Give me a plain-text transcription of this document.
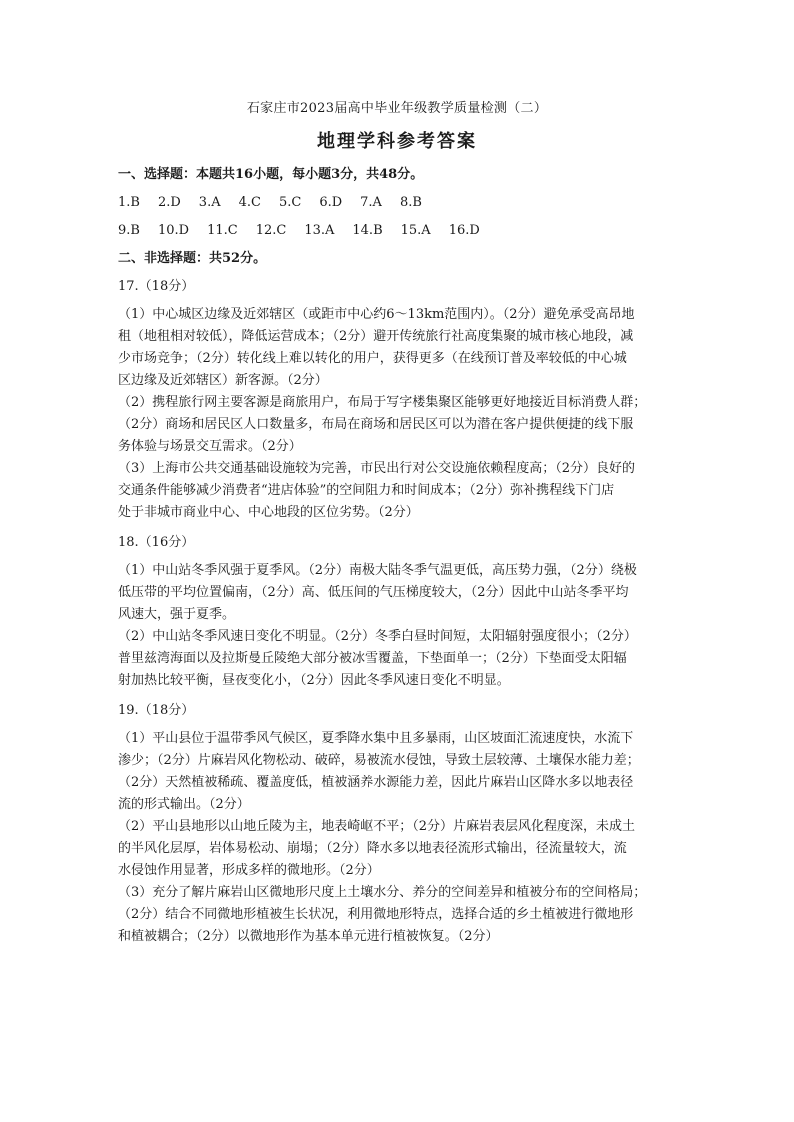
石家庄市2023届高中毕业年级教学质量检测（二）
地理学科参考答案
一、选择题：本题共16小题，每小题3分，共48分。
1.B 2.D 3.A 4.C 5.C 6.D 7.A 8.B
9.B 10.D 11.C 12.C 13.A 14.B 15.A 16.D
二、非选择题：共52分。
17.（18分）
（1）中心城区边缘及近郊辖区（或距市中心约6～13km范围内）。（2分）避免承受高昂地
租（地租相对较低），降低运营成本；（2分）避开传统旅行社高度集聚的城市核心地段，减
少市场竞争；（2分）转化线上难以转化的用户，获得更多（在线预订普及率较低的中心城
区边缘及近郊辖区）新客源。（2分）
（2）携程旅行网主要客源是商旅用户，布局于写字楼集聚区能够更好地接近目标消费人群；
（2分）商场和居民区人口数量多，布局在商场和居民区可以为潜在客户提供便捷的线下服
务体验与场景交互需求。（2分）
（3）上海市公共交通基础设施较为完善，市民出行对公交设施依赖程度高；（2分）良好的
交通条件能够减少消费者“进店体验”的空间阻力和时间成本；（2分）弥补携程线下门店
处于非城市商业中心、中心地段的区位劣势。（2分）
18.（16分）
（1）中山站冬季风强于夏季风。（2分）南极大陆冬季气温更低，高压势力强，（2分）绕极
低压带的平均位置偏南，（2分）高、低压间的气压梯度较大，（2分）因此中山站冬季平均
风速大，强于夏季。
（2）中山站冬季风速日变化不明显。（2分）冬季白昼时间短，太阳辐射强度很小；（2分）
普里兹湾海面以及拉斯曼丘陵绝大部分被冰雪覆盖，下垫面单一；（2分）下垫面受太阳辐
射加热比较平衡，昼夜变化小，（2分）因此冬季风速日变化不明显。
19.（18分）
（1）平山县位于温带季风气候区，夏季降水集中且多暴雨，山区坡面汇流速度快，水流下
渗少；（2分）片麻岩风化物松动、破碎，易被流水侵蚀，导致土层较薄、土壤保水能力差；
（2分）天然植被稀疏、覆盖度低，植被涵养水源能力差，因此片麻岩山区降水多以地表径
流的形式输出。（2分）
（2）平山县地形以山地丘陵为主，地表崎岖不平；（2分）片麻岩表层风化程度深，未成土
的半风化层厚，岩体易松动、崩塌；（2分）降水多以地表径流形式输出，径流量较大，流
水侵蚀作用显著，形成多样的微地形。（2分）
（3）充分了解片麻岩山区微地形尺度上土壤水分、养分的空间差异和植被分布的空间格局；
（2分）结合不同微地形植被生长状况，利用微地形特点，选择合适的乡土植被进行微地形
和植被耦合；（2分）以微地形作为基本单元进行植被恢复。（2分）
